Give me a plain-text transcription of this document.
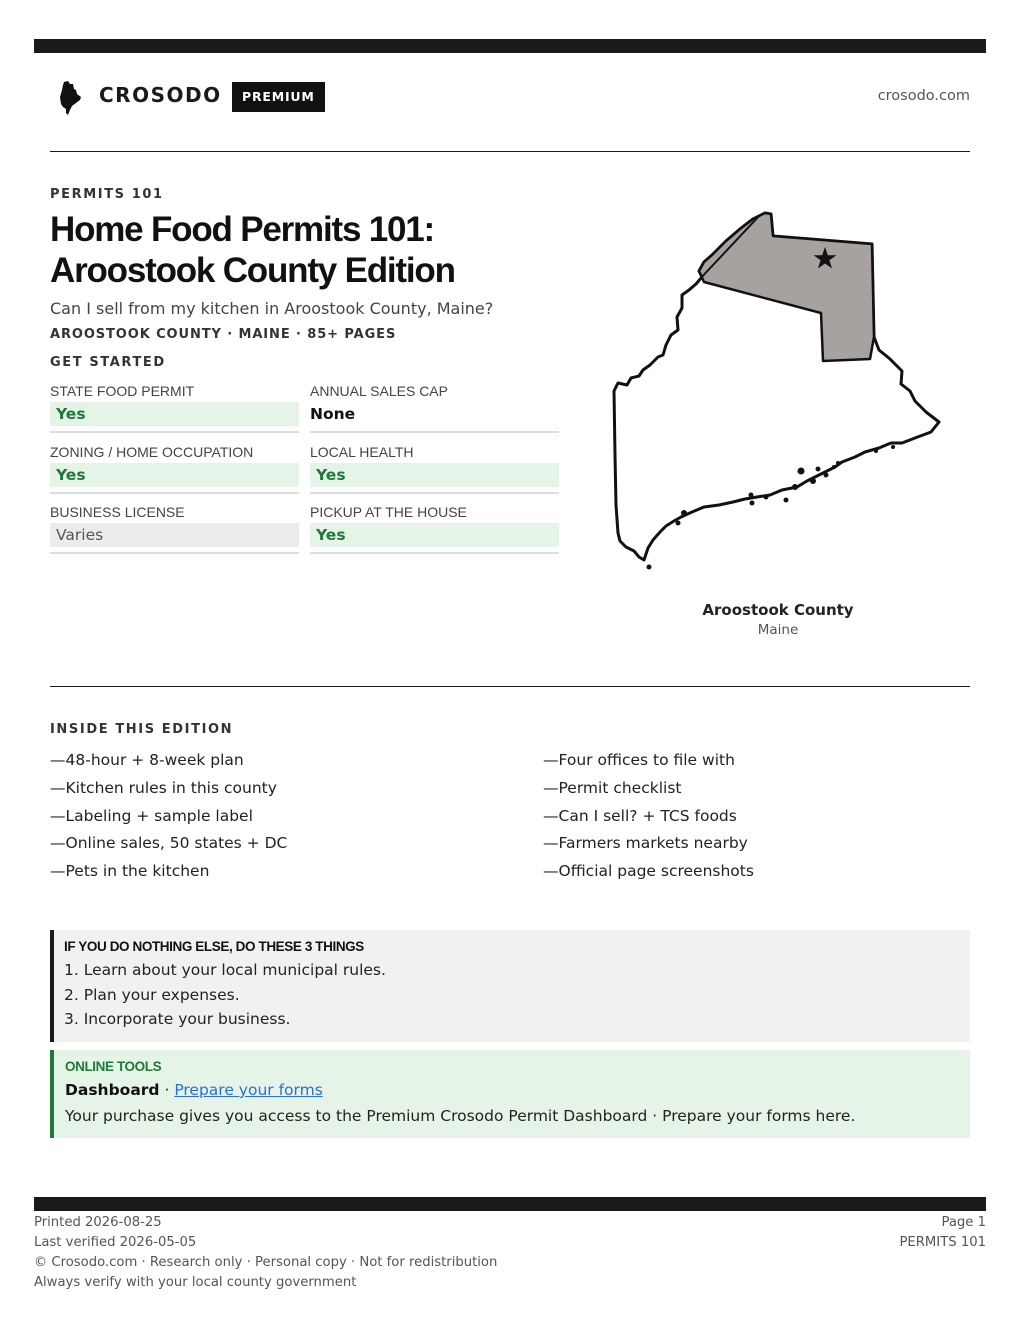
CROSODO	PREMIUM	crosodo.com
PERMITS 101
Home Food Permits 101:
Aroostook County Edition
Can I sell from my kitchen in Aroostook County, Maine?
AROOSTOOK COUNTY · MAINE · 85+ PAGES
GET STARTED
STATE FOOD PERMIT
Yes
ANNUAL SALES CAP
None
ZONING / HOME OCCUPATION
Yes
LOCAL HEALTH
Yes
BUSINESS LICENSE
Varies
PICKUP AT THE HOUSE
Yes
Aroostook County
Maine
INSIDE THIS EDITION
—48-hour + 8-week plan
—Kitchen rules in this county
—Labeling + sample label
—Online sales, 50 states + DC
—Pets in the kitchen
—Four offices to file with
—Permit checklist
—Can I sell? + TCS foods
—Farmers markets nearby
—Official page screenshots
IF YOU DO NOTHING ELSE, DO THESE 3 THINGS
1. Learn about your local municipal rules.
2. Plan your expenses.
3. Incorporate your business.
ONLINE TOOLS
Dashboard · Prepare your forms
Your purchase gives you access to the Premium Crosodo Permit Dashboard · Prepare your forms here.
Printed 2026-08-25
Last verified 2026-05-05
© Crosodo.com · Research only · Personal copy · Not for redistribution
Always verify with your local county government
Page 1
PERMITS 101
